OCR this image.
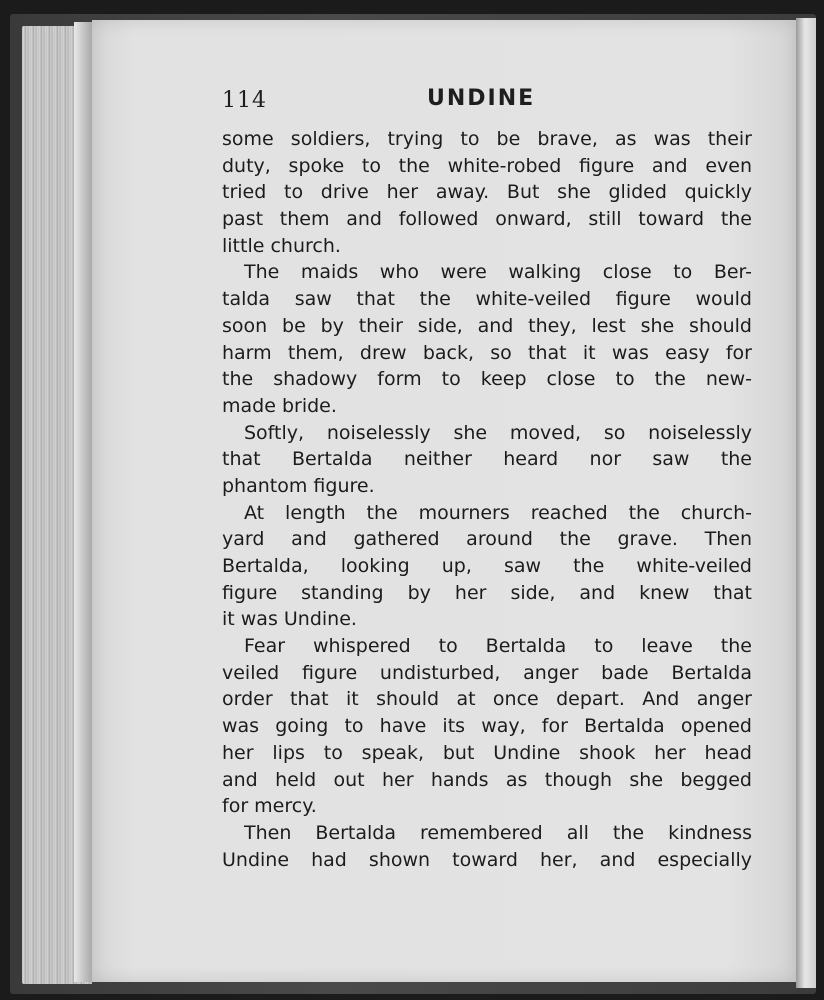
114	UNDINE
some soldiers, trying to be brave, as was their
duty, spoke to the white-robed figure and even
tried to drive her away. But she glided quickly
past them and followed onward, still toward the
little church.
The maids who were walking close to Ber-
talda saw that the white-veiled figure would
soon be by their side, and they, lest she should
harm them, drew back, so that it was easy for
the shadowy form to keep close to the new-
made bride.
Softly, noiselessly she moved, so noiselessly
that Bertalda neither heard nor saw the
phantom figure.
At length the mourners reached the church-
yard and gathered around the grave. Then
Bertalda, looking up, saw the white-veiled
figure standing by her side, and knew that
it was Undine.
Fear whispered to Bertalda to leave the
veiled figure undisturbed, anger bade Bertalda
order that it should at once depart. And anger
was going to have its way, for Bertalda opened
her lips to speak, but Undine shook her head
and held out her hands as though she begged
for mercy.
Then Bertalda remembered all the kindness
Undine had shown toward her, and especially
